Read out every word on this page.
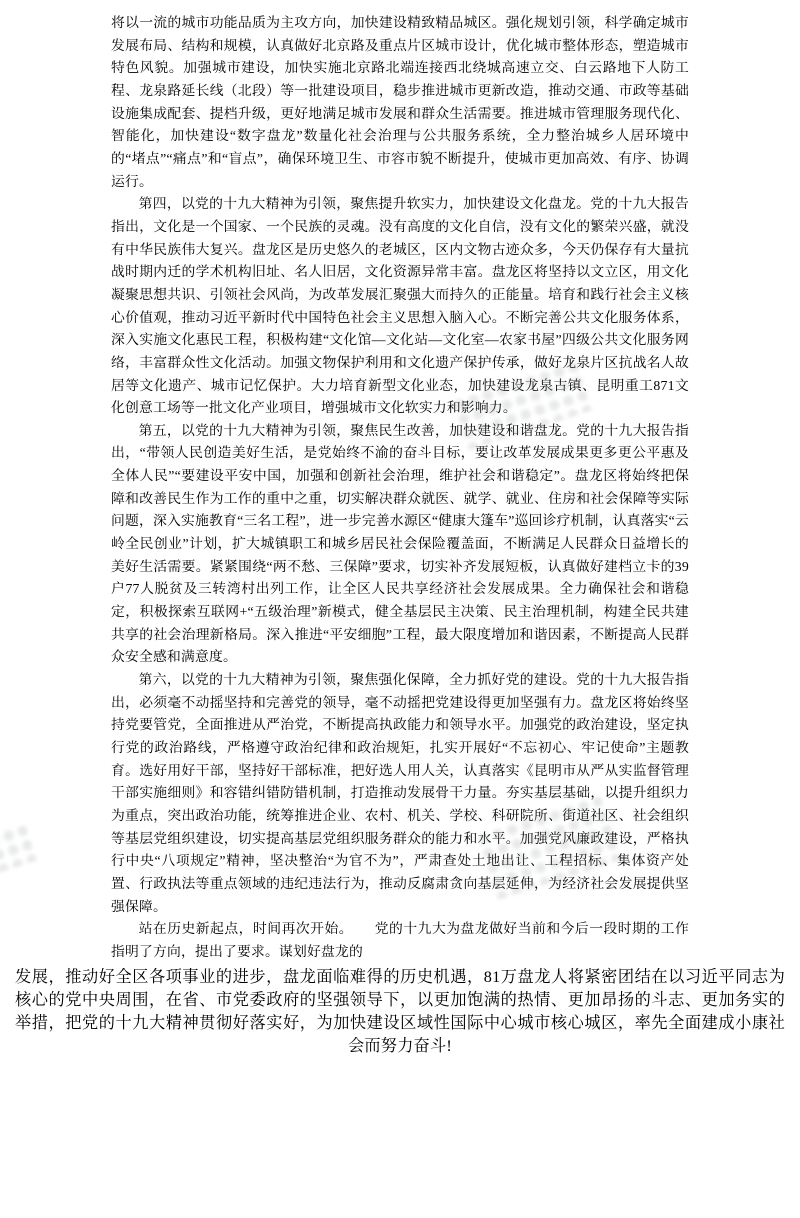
将以一流的城市功能品质为主攻方向，加快建设精致精品城区。强化规划引领，科学确定城市发展布局、结构和规模，认真做好北京路及重点片区城市设计，优化城市整体形态，塑造城市特色风貌。加强城市建设，加快实施北京路北端连接西北绕城高速立交、白云路地下人防工程、龙泉路延长线（北段）等一批建设项目，稳步推进城市更新改造，推动交通、市政等基础设施集成配套、提档升级，更好地满足城市发展和群众生活需要。推进城市管理服务现代化、智能化，加快建设“数字盘龙”数量化社会治理与公共服务系统，全力整治城乡人居环境中的“堵点”“痛点”和“盲点”，确保环境卫生、市容市貌不断提升，使城市更加高效、有序、协调运行。

第四，以党的十九大精神为引领，聚焦提升软实力，加快建设文化盘龙。党的十九大报告指出，文化是一个国家、一个民族的灵魂。没有高度的文化自信，没有文化的繁荣兴盛，就没有中华民族伟大复兴。盘龙区是历史悠久的老城区，区内文物古迹众多，今天仍保存有大量抗战时期内迁的学术机构旧址、名人旧居，文化资源异常丰富。盘龙区将坚持以文立区，用文化凝聚思想共识、引领社会风尚，为改革发展汇聚强大而持久的正能量。培育和践行社会主义核心价值观，推动习近平新时代中国特色社会主义思想入脑入心。不断完善公共文化服务体系，深入实施文化惠民工程，积极构建“文化馆—文化站—文化室—农家书屋”四级公共文化服务网络，丰富群众性文化活动。加强文物保护利用和文化遗产保护传承，做好龙泉片区抗战名人故居等文化遗产、城市记忆保护。大力培育新型文化业态，加快建设龙泉古镇、昆明重工871文化创意工场等一批文化产业项目，增强城市文化软实力和影响力。

第五，以党的十九大精神为引领，聚焦民生改善，加快建设和谐盘龙。党的十九大报告指出，“带领人民创造美好生活，是党始终不渝的奋斗目标，要让改革发展成果更多更公平惠及全体人民”“要建设平安中国，加强和创新社会治理，维护社会和谐稳定”。盘龙区将始终把保障和改善民生作为工作的重中之重，切实解决群众就医、就学、就业、住房和社会保障等实际问题，深入实施教育“三名工程”，进一步完善水源区“健康大篷车”巡回诊疗机制，认真落实“云岭全民创业”计划，扩大城镇职工和城乡居民社会保险覆盖面，不断满足人民群众日益增长的美好生活需要。紧紧围绕“两不愁、三保障”要求，切实补齐发展短板，认真做好建档立卡的39户77人脱贫及三转湾村出列工作，让全区人民共享经济社会发展成果。全力确保社会和谐稳定，积极探索互联网+“五级治理”新模式，健全基层民主决策、民主治理机制，构建全民共建共享的社会治理新格局。深入推进“平安细胞”工程，最大限度增加和谐因素，不断提高人民群众安全感和满意度。

第六，以党的十九大精神为引领，聚焦强化保障，全力抓好党的建设。党的十九大报告指出，必须毫不动摇坚持和完善党的领导，毫不动摇把党建设得更加坚强有力。盘龙区将始终坚持党要管党，全面推进从严治党，不断提高执政能力和领导水平。加强党的政治建设，坚定执行党的政治路线，严格遵守政治纪律和政治规矩，扎实开展好“不忘初心、牢记使命”主题教育。选好用好干部，坚持好干部标准，把好选人用人关，认真落实《昆明市从严从实监督管理干部实施细则》和容错纠错防错机制，打造推动发展骨干力量。夯实基层基础，以提升组织力为重点，突出政治功能，统筹推进企业、农村、机关、学校、科研院所、街道社区、社会组织等基层党组织建设，切实提高基层党组织服务群众的能力和水平。加强党风廉政建设，严格执行中央“八项规定”精神，坚决整治“为官不为”，严肃查处土地出让、工程招标、集体资产处置、行政执法等重点领域的违纪违法行为，推动反腐肃贪向基层延伸，为经济社会发展提供坚强保障。

站在历史新起点，时间再次开始。　　党的十九大为盘龙做好当前和今后一段时期的工作指明了方向，提出了要求。谋划好盘龙的

发展，推动好全区各项事业的进步，盘龙面临难得的历史机遇，81万盘龙人将紧密团结在以习近平同志为核心的党中央周围，在省、市党委政府的坚强领导下，以更加饱满的热情、更加昂扬的斗志、更加务实的举措，把党的十九大精神贯彻好落实好，为加快建设区域性国际中心城市核心城区，率先全面建成小康社会而努力奋斗!
